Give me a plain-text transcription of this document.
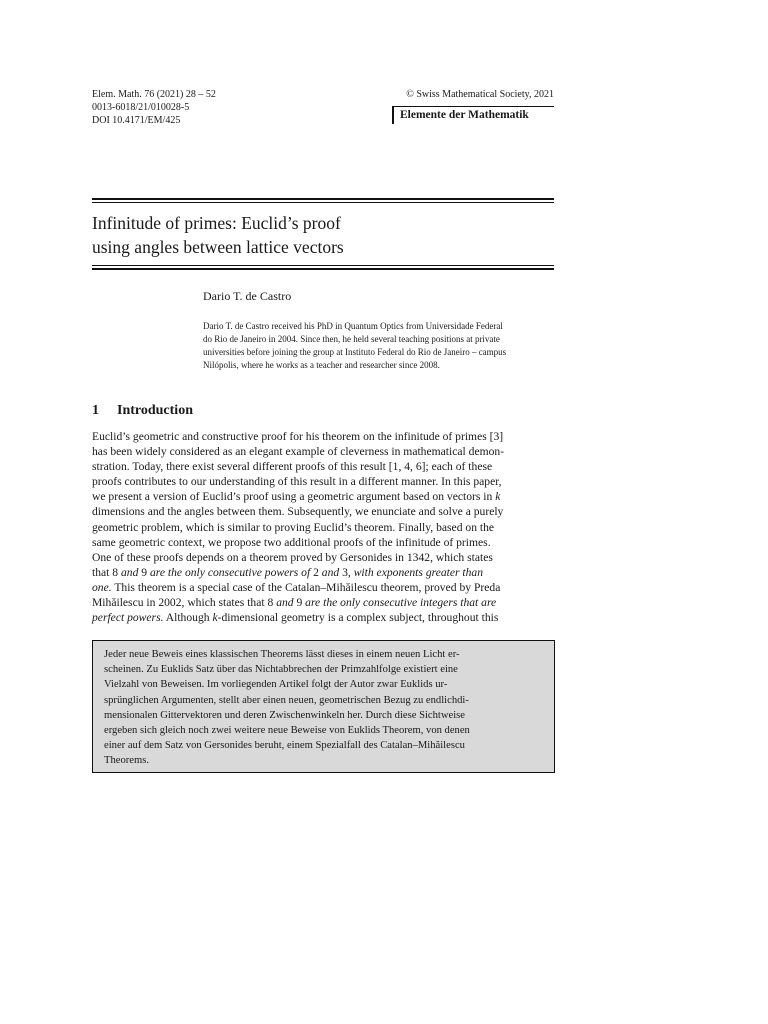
Elem. Math. 76 (2021) 28 – 52
0013-6018/21/010028-5
DOI 10.4171/EM/425
© Swiss Mathematical Society, 2021
Elemente der Mathematik
Infinitude of primes: Euclid’s proof
using angles between lattice vectors
Dario T. de Castro
Dario T. de Castro received his PhD in Quantum Optics from Universidade Federal
do Rio de Janeiro in 2004. Since then, he held several teaching positions at private
universities before joining the group at Instituto Federal do Rio de Janeiro – campus
Nilópolis, where he works as a teacher and researcher since 2008.
1 Introduction
Euclid’s geometric and constructive proof for his theorem on the infinitude of primes [3]
has been widely considered as an elegant example of cleverness in mathematical demon-
stration. Today, there exist several different proofs of this result [1, 4, 6]; each of these
proofs contributes to our understanding of this result in a different manner. In this paper,
we present a version of Euclid’s proof using a geometric argument based on vectors in k
dimensions and the angles between them. Subsequently, we enunciate and solve a purely
geometric problem, which is similar to proving Euclid’s theorem. Finally, based on the
same geometric context, we propose two additional proofs of the infinitude of primes.
One of these proofs depends on a theorem proved by Gersonides in 1342, which states
that 8 and 9 are the only consecutive powers of 2 and 3, with exponents greater than
one. This theorem is a special case of the Catalan–Mihăilescu theorem, proved by Preda
Mihăilescu in 2002, which states that 8 and 9 are the only consecutive integers that are
perfect powers. Although k-dimensional geometry is a complex subject, throughout this
Jeder neue Beweis eines klassischen Theorems lässt dieses in einem neuen Licht er-
scheinen. Zu Euklids Satz über das Nichtabbrechen der Primzahlfolge existiert eine
Vielzahl von Beweisen. Im vorliegenden Artikel folgt der Autor zwar Euklids ur-
sprünglichen Argumenten, stellt aber einen neuen, geometrischen Bezug zu endlichdi-
mensionalen Gittervektoren und deren Zwischenwinkeln her. Durch diese Sichtweise
ergeben sich gleich noch zwei weitere neue Beweise von Euklids Theorem, von denen
einer auf dem Satz von Gersonides beruht, einem Spezialfall des Catalan–Mihăilescu
Theorems.
